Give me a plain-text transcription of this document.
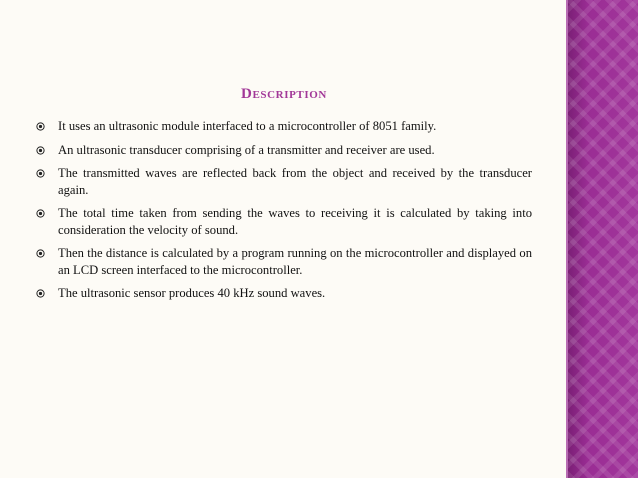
Description
It uses an ultrasonic module interfaced to a microcontroller of 8051 family.
An ultrasonic transducer comprising of a transmitter and receiver are used.
The transmitted waves are reflected back from the object and received by the transducer again.
The total time taken from sending the waves to receiving it is calculated by taking into consideration the velocity of sound.
Then the distance is calculated by a program running on the microcontroller and displayed on an LCD screen interfaced to the microcontroller.
The ultrasonic sensor produces 40 kHz sound waves.
